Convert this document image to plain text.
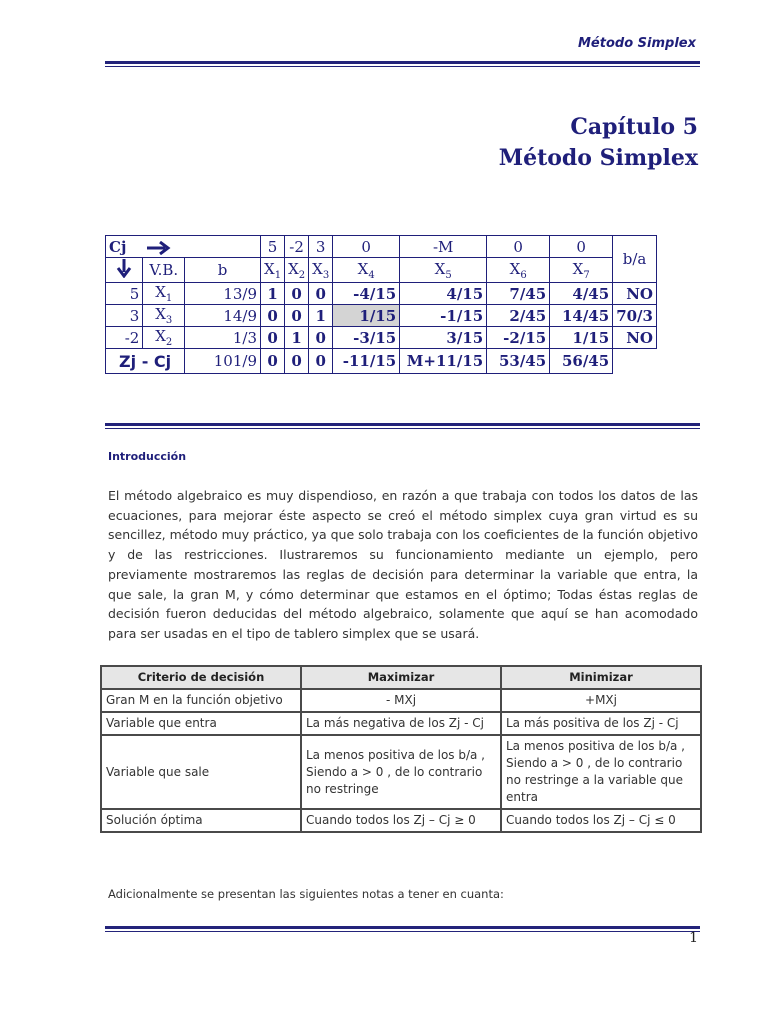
Método Simplex
Capítulo 5
Método Simplex
Cj			5	-2	3	0	-M	0	0	b/a
	V.B.	b	$X_1$	$X_2$	$X_3$	$X_4$	$X_5$	$X_6$	$X_7$
5	$X_1$	13/9	1	0	0	-4/15	4/15	7/45	4/45	NO
3	$X_3$	14/9	0	0	1	1/15	-1/15	2/45	14/45	70/3
-2	$X_2$	1/3	0	1	0	-3/15	3/15	-2/15	1/15	NO
Zj - Cj		101/9	0	0	0	-11/15	M+11/15	53/45	56/45	
Introducción
El método algebraico es muy dispendioso, en razón a que trabaja con todos los datos de las ecuaciones, para mejorar éste aspecto se creó el método simplex cuya gran virtud es su sencillez, método muy práctico, ya que solo trabaja con los coeficientes de la función objetivo y de las restricciones. Ilustraremos su funcionamiento mediante un ejemplo, pero previamente mostraremos las reglas de decisión para determinar la variable que entra, la que sale, la gran M, y cómo determinar que estamos en el óptimo; Todas éstas reglas de decisión fueron deducidas del método algebraico, solamente que aquí se han acomodado para ser usadas en el tipo de tablero simplex que se usará.
Criterio de decisión	Maximizar	Minimizar
Gran M en la función objetivo	- MXj	+MXj
Variable que entra	La más negativa de los Zj - Cj	La más positiva de los Zj - Cj
Variable que sale	La menos positiva de los b/a , Siendo a > 0 , de lo contrario no restringe	La menos positiva de los b/a , Siendo a > 0 , de lo contrario no restringe a la variable que entra
Solución óptima	Cuando todos los Zj – Cj ≥ 0	Cuando todos los Zj – Cj ≤ 0
Adicionalmente se presentan las siguientes notas a tener en cuanta:
1
